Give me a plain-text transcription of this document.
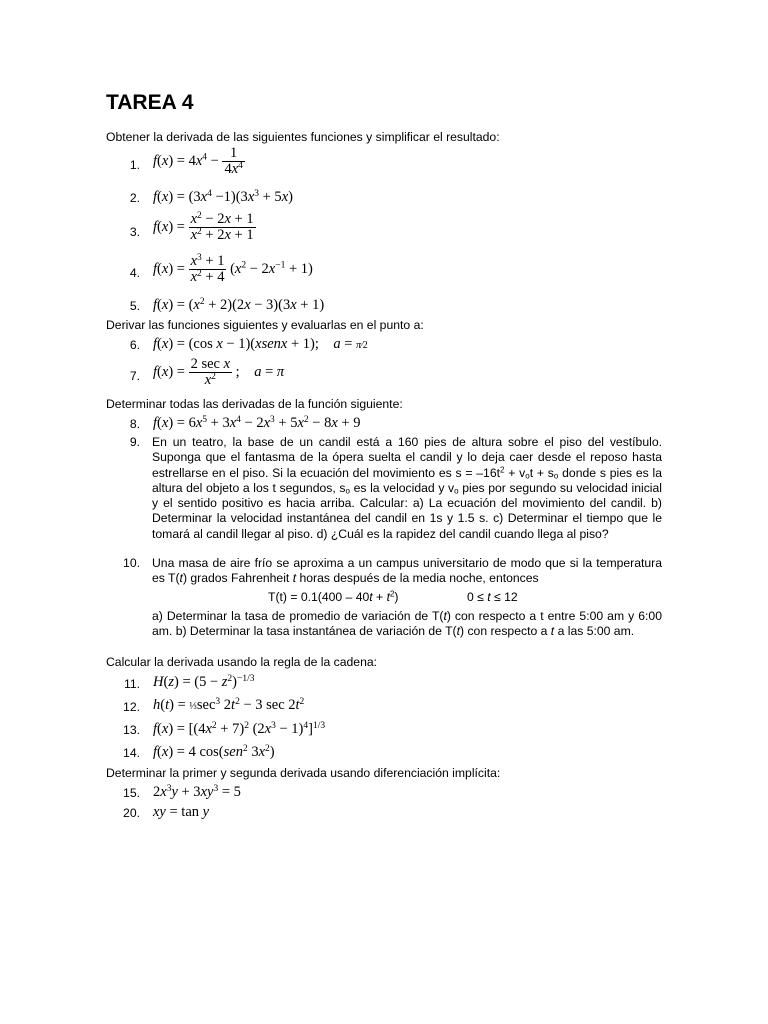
TAREA 4
Obtener la derivada de las siguientes funciones y simplificar el resultado:
1. $f(x) = 4x^4 - \frac{1}{4x^4}$
2. $f(x) = (3x^4 -1)(3x^3 + 5x)$
3. $f(x) = \frac{x^2 - 2x + 1}{x^2 + 2x + 1}$
4. $f(x) = \frac{x^3 + 1}{x^2 + 4} (x^2 - 2x^{-1} + 1)$
5. $f(x) = (x^2 + 2)(2x - 3)(3x + 1)$
Derivar las funciones siguientes y evaluarlas en el punto a:
6. f(x) = (cos x − 1)(xsenx + 1);    a = π⁄2
7. $f(x) = \frac{\text{2 sec x}}{x^2}$ ;    a = π
Determinar todas las derivadas de la función siguiente:
8. $f(x) = 6x^5 + 3x^4 - 2x^3 + 5x^2 - 8x + 9$
9. En un teatro, la base de un candil está a 160 pies de altura sobre el piso del vestíbulo. Suponga que el fantasma de la ópera suelta el candil y lo deja caer desde el reposo hasta estrellarse en el piso. Si la ecuación del movimiento es $s = -16t^2 + v_ot + s_o$ donde s pies es la altura del objeto a los t segundos, $s_o$ es la velocidad y $v_o$ pies por segundo su velocidad inicial y el sentido positivo es hacia arriba. Calcular: a) La ecuación del movimiento del candil. b) Determinar la velocidad instantánea del candil en 1s y 1.5 s. c) Determinar el tiempo que le tomará al candil llegar al piso. d) ¿Cuál es la rapidez del candil cuando llega al piso?
10. Una masa de aire frío se aproxima a un campus universitario de modo que si la temperatura es T(t) grados Fahrenheit t horas después de la media noche, entonces
$T(t) = 0.1(400 - 40t + t^2)$	0 ≤ t ≤ 12
a) Determinar la tasa de promedio de variación de T(t) con respecto a t entre 5:00 am y 6:00 am. b) Determinar la tasa instantánea de variación de T(t) con respecto a t a las 5:00 am.
Calcular la derivada usando la regla de la cadena:
11. $H(z) = (5 - z^2)^{-1/3}$
12. $h(t) = \frac{1}{3}\sec^3$ $2t^2 - 3$ $\sec 2t^2$
13. $f(x) = [(4x^2 + 7)^2$ $(2x^3 - 1)^4]^{1/3}$
14. f(x) = 4 cos(sen$^2$ $3x^2$)
Determinar la primer y segunda derivada usando diferenciación implícita:
15. $2x^3y + 3xy^3 = 5$
20. xy = tan y
